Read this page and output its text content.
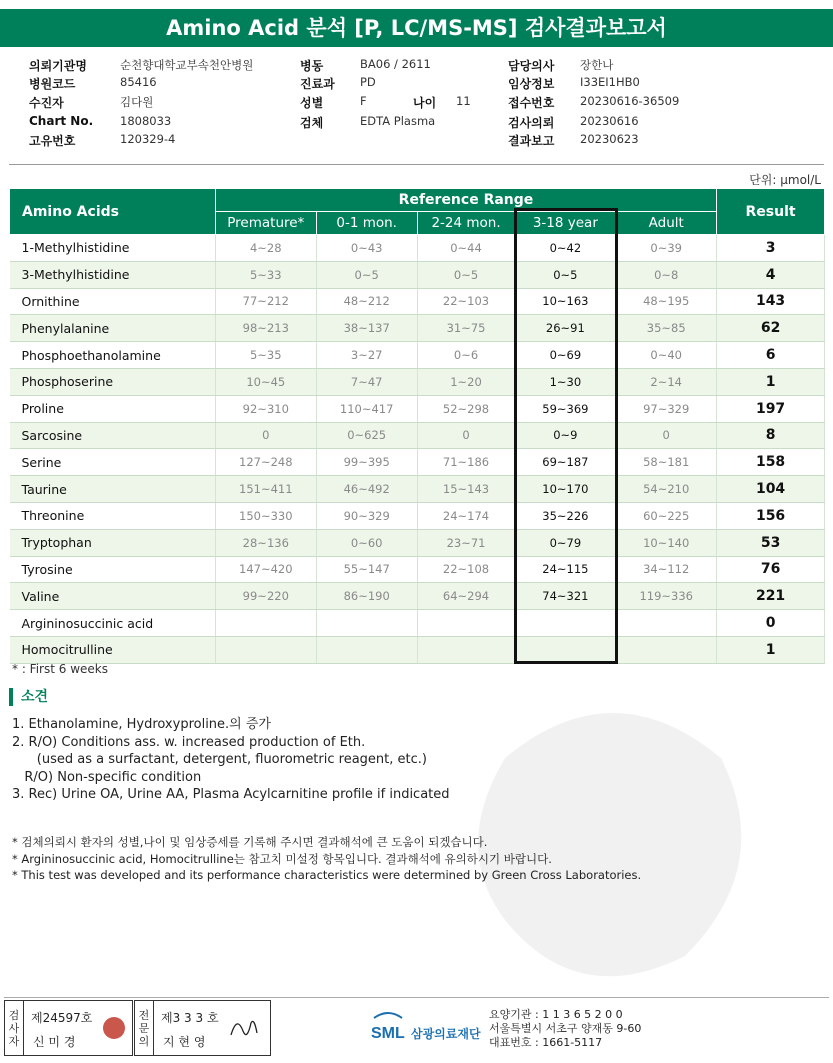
Amino Acid 분석 [P, LC/MS-MS] 검사결과보고서
의뢰기관명	순천향대학교부속천안병원
병원코드	85416
수진자	김다원
Chart No. 1808033
고유번호	120329-4
병동	BA06 / 2611
진료과 PD
성별	F
검체	EDTA Plasma
나이 11
담당의사 장한나
임상정보 I33EI1HB0
접수번호 20230616-36509
검사의뢰 20230616
결과보고 20230623
단위: μmol/L
Amino Acids	Reference Range					Result
	Premature*	0-1 mon.	2-24 mon.	3-18 year	Adult	
1-Methylhistidine	4~28	0~43	0~44	0~42	0~39	3
3-Methylhistidine	5~33	0~5	0~5	0~5	0~8	4
Ornithine	77~212	48~212	22~103	10~163	48~195	143
Phenylalanine	98~213	38~137	31~75	26~91	35~85	62
Phosphoethanolamine	5~35	3~27	0~6	0~69	0~40	6
Phosphoserine	10~45	7~47	1~20	1~30	2~14	1
Proline	92~310	110~417	52~298	59~369	97~329	197
Sarcosine	0	0~625	0	0~9	0	8
Serine	127~248	99~395	71~186	69~187	58~181	158
Taurine	151~411	46~492	15~143	10~170	54~210	104
Threonine	150~330	90~329	24~174	35~226	60~225	156
Tryptophan	28~136	0~60	23~71	0~79	10~140	53
Tyrosine	147~420	55~147	22~108	24~115	34~112	76
Valine	99~220	86~190	64~294	74~321	119~336	221
Argininosuccinic acid						0
Homocitrulline						1
* : First 6 weeks
소견
1. Ethanolamine, Hydroxyproline.의 증가
2. R/O) Conditions ass. w. increased production of Eth.
(used as a surfactant, detergent, fluorometric reagent, etc.)
R/O) Non-specific condition
3. Rec) Urine OA, Urine AA, Plasma Acylcarnitine profile if indicated
* 검체의뢰시 환자의 성별,나이 및 임상증세를 기록해 주시면 결과해석에 큰 도움이 되겠습니다.
* Argininosuccinic acid, Homocitrulline는 참고치 미설정 항목입니다. 결과해석에 유의하시기 바랍니다.
* This test was developed and its performance characteristics were determined by Green Cross Laboratories.
검
사
자
제24597호
신 미 경
전
문
의
제3 3 3 호
지 현 영	SML 삼광의료재단
요양기관 : 1 1 3 6 5 2 0 0
서울특별시 서초구 양재동 9-60
대표번호 : 1661-5117
